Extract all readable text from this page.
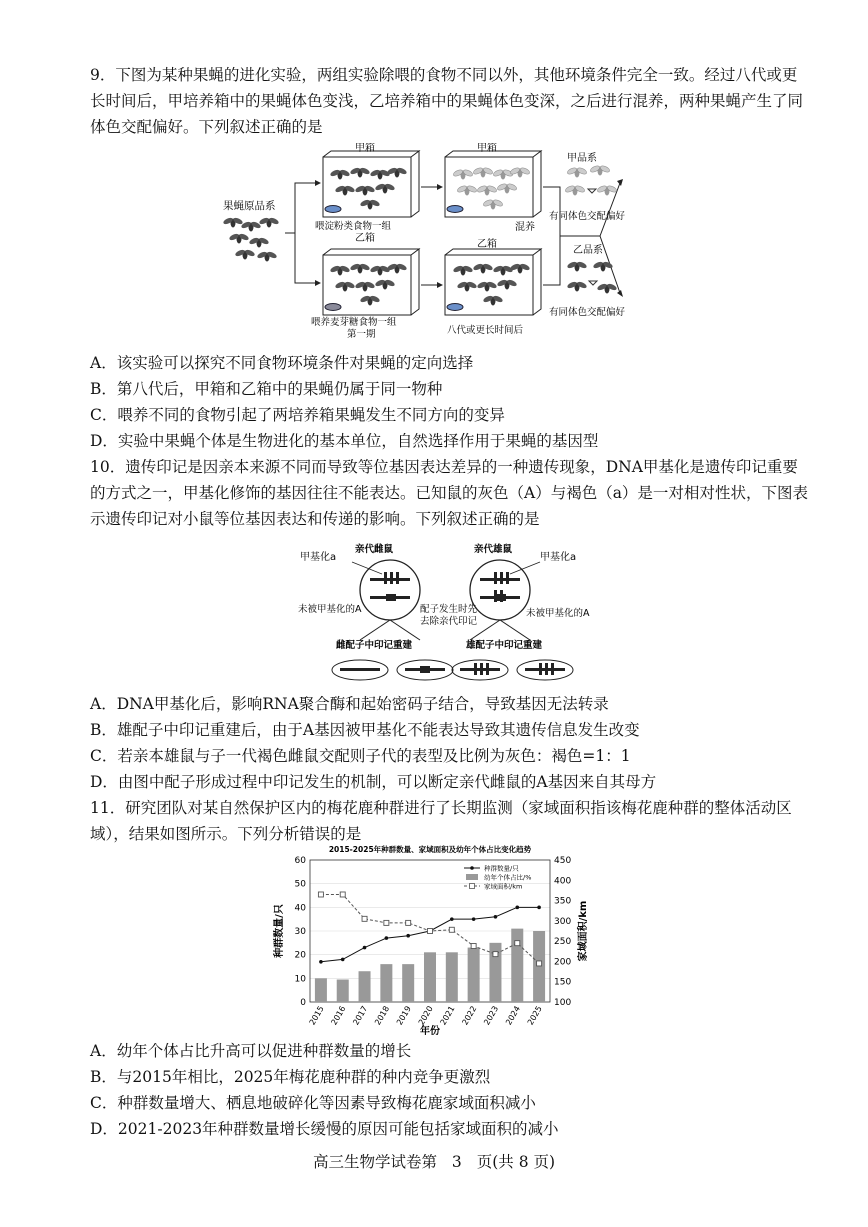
9．下图为某种果蝇的进化实验，两组实验除喂的食物不同以外，其他环境条件完全一致。经过八代或更长时间后，甲培养箱中的果蝇体色变浅，乙培养箱中的果蝇体色变深，之后进行混养，两种果蝇产生了同体色交配偏好。下列叙述正确的是
果蝇原品系
甲箱
喂淀粉类食物一组
乙箱
喂养麦芽糖食物一组
第一期
甲箱
乙箱
八代或更长时间后
混养
甲品系
有同体色交配偏好
乙品系
有同体色交配偏好
A．该实验可以探究不同食物环境条件对果蝇的定向选择
B．第八代后，甲箱和乙箱中的果蝇仍属于同一物种
C．喂养不同的食物引起了两培养箱果蝇发生不同方向的变异
D．实验中果蝇个体是生物进化的基本单位，自然选择作用于果蝇的基因型
10．遗传印记是因亲本来源不同而导致等位基因表达差异的一种遗传现象，DNA甲基化是遗传印记重要的方式之一，甲基化修饰的基因往往不能表达。已知鼠的灰色（A）与褐色（a）是一对相对性状，下图表示遗传印记对小鼠等位基因表达和传递的影响。下列叙述正确的是
甲基化a
亲代雌鼠	亲代雄鼠
甲基化a
未被甲基化的A	未被甲基化的A
配子发生时先
去除亲代印记
雌配子中印记重建	雄配子中印记重建
A．DNA甲基化后，影响RNA聚合酶和起始密码子结合，导致基因无法转录
B．雄配子中印记重建后，由于A基因被甲基化不能表达导致其遗传信息发生改变
C．若亲本雄鼠与子一代褐色雌鼠交配则子代的表型及比例为灰色：褐色=1：1
D．由图中配子形成过程中印记发生的机制，可以断定亲代雌鼠的A基因来自其母方
11．研究团队对某自然保护区内的梅花鹿种群进行了长期监测（家域面积指该梅花鹿种群的整体活动区域），结果如图所示。下列分析错误的是
2015-2025年种群数量、家域面积及幼年个体占比变化趋势
0
10
20
30
40
50
60
100
150
200
250
300
350
400
450
2015 2016 2017 2018 2019 2020 2021 2022 2023 2024 2025
年份
种群数量/只	家域面积/km
种群数量/只
幼年个体占比/%
家域面积/km
A．幼年个体占比升高可以促进种群数量的增长
B．与2015年相比，2025年梅花鹿种群的种内竞争更激烈
C．种群数量增大、栖息地破碎化等因素导致梅花鹿家域面积减小
D．2021-2023年种群数量增长缓慢的原因可能包括家域面积的减小
高三生物学试卷第 3 页(共 8 页)
